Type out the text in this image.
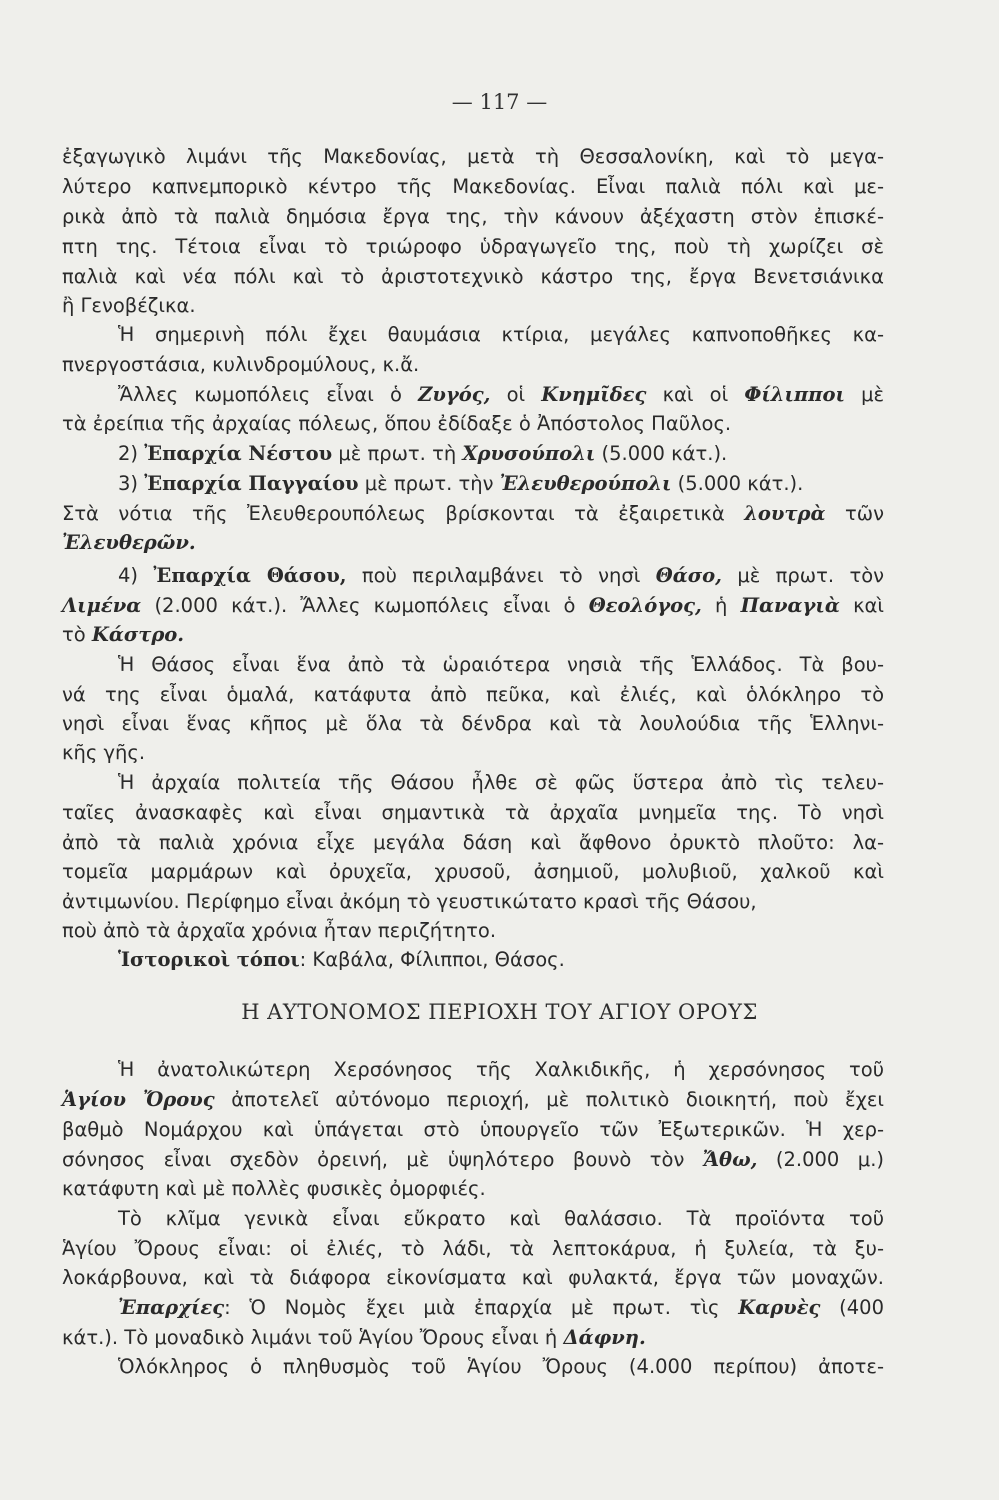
— 117 —
ἐξαγωγικὸ λιμάνι τῆς Μακεδονίας, μετὰ τὴ Θεσσαλονίκη, καὶ τὸ μεγα-
λύτερο καπνεμπορικὸ κέντρο τῆς Μακεδονίας. Εἶναι παλιὰ πόλι καὶ με-
ρικὰ ἀπὸ τὰ παλιὰ δημόσια ἔργα της, τὴν κάνουν ἀξέχαστη στὸν ἐπισκέ-
πτη της. Τέτοια εἶναι τὸ τριώροφο ὑδραγωγεῖο της, ποὺ τὴ χωρίζει σὲ
παλιὰ καὶ νέα πόλι καὶ τὸ ἀριστοτεχνικὸ κάστρο της, ἔργα Βενετσιάνικα
ἢ Γενοβέζικα.
Ἡ σημερινὴ πόλι ἔχει θαυμάσια κτίρια, μεγάλες καπνοποθῆκες κα-
πνεργοστάσια, κυλινδρομύλους, κ.ἄ.
Ἄλλες κωμοπόλεις εἶναι ὁ Ζυγός, οἱ Κνημῖδες καὶ οἱ Φίλιπποι μὲ
τὰ ἐρείπια τῆς ἀρχαίας πόλεως, ὅπου ἐδίδαξε ὁ Ἀπόστολος Παῦλος.
2) Ἐπαρχία Νέστου μὲ πρωτ. τὴ Χρυσούπολι (5.000 κάτ.).
3) Ἐπαρχία Παγγαίου μὲ πρωτ. τὴν Ἐλευθερούπολι (5.000 κάτ.).
Στὰ νότια τῆς Ἐλευθερουπόλεως βρίσκονται τὰ ἐξαιρετικὰ λουτρὰ τῶν
Ἐλευθερῶν.
4) Ἐπαρχία Θάσου, ποὺ περιλαμβάνει τὸ νησὶ Θάσο, μὲ πρωτ. τὸν
Λιμένα (2.000 κάτ.). Ἄλλες κωμοπόλεις εἶναι ὁ Θεολόγος, ἡ Παναγιὰ καὶ
τὸ Κάστρο.
Ἡ Θάσος εἶναι ἕνα ἀπὸ τὰ ὡραιότερα νησιὰ τῆς Ἑλλάδος. Τὰ βου-
νά της εἶναι ὁμαλά, κατάφυτα ἀπὸ πεῦκα, καὶ ἐλιές, καὶ ὁλόκληρο τὸ
νησὶ εἶναι ἕνας κῆπος μὲ ὅλα τὰ δένδρα καὶ τὰ λουλούδια τῆς Ἑλληνι-
κῆς γῆς.
Ἡ ἀρχαία πολιτεία τῆς Θάσου ἦλθε σὲ φῶς ὕστερα ἀπὸ τὶς τελευ-
ταῖες ἀνασκαφὲς καὶ εἶναι σημαντικὰ τὰ ἀρχαῖα μνημεῖα της. Τὸ νησὶ
ἀπὸ τὰ παλιὰ χρόνια εἶχε μεγάλα δάση καὶ ἄφθονο ὀρυκτὸ πλοῦτο: λα-
τομεῖα μαρμάρων καὶ ὀρυχεῖα, χρυσοῦ, ἀσημιοῦ, μολυβιοῦ, χαλκοῦ καὶ
ἀντιμωνίου. Περίφημο εἶναι ἀκόμη τὸ γευστικώτατο κρασὶ τῆς Θάσου,
ποὺ ἀπὸ τὰ ἀρχαῖα χρόνια ἦταν περιζήτητο.
Ἱστορικοὶ τόποι: Καβάλα, Φίλιπποι, Θάσος.
Η ΑΥΤΟΝΟΜΟΣ ΠΕΡΙΟΧΗ ΤΟΥ ΑΓΙΟΥ ΟΡΟΥΣ
Ἡ ἀνατολικώτερη Χερσόνησος τῆς Χαλκιδικῆς, ἡ χερσόνησος τοῦ
Ἁγίου Ὄρους ἀποτελεῖ αὐτόνομο περιοχή, μὲ πολιτικὸ διοικητή, ποὺ ἔχει
βαθμὸ Νομάρχου καὶ ὑπάγεται στὸ ὑπουργεῖο τῶν Ἐξωτερικῶν. Ἡ χερ-
σόνησος εἶναι σχεδὸν ὀρεινή, μὲ ὑψηλότερο βουνὸ τὸν Ἄθω, (2.000 μ.)
κατάφυτη καὶ μὲ πολλὲς φυσικὲς ὀμορφιές.
Τὸ κλῖμα γενικὰ εἶναι εὔκρατο καὶ θαλάσσιο. Τὰ προϊόντα τοῦ
Ἁγίου Ὄρους εἶναι: οἱ ἐλιές, τὸ λάδι, τὰ λεπτοκάρυα, ἡ ξυλεία, τὰ ξυ-
λοκάρβουνα, καὶ τὰ διάφορα εἰκονίσματα καὶ φυλακτά, ἔργα τῶν μοναχῶν.
Ἐπαρχίες: Ὁ Νομὸς ἔχει μιὰ ἐπαρχία μὲ πρωτ. τὶς Καρυὲς (400
κάτ.). Τὸ μοναδικὸ λιμάνι τοῦ Ἁγίου Ὄρους εἶναι ἡ Δάφνη.
Ὁλόκληρος ὁ πληθυσμὸς τοῦ Ἁγίου Ὄρους (4.000 περίπου) ἀποτε-
